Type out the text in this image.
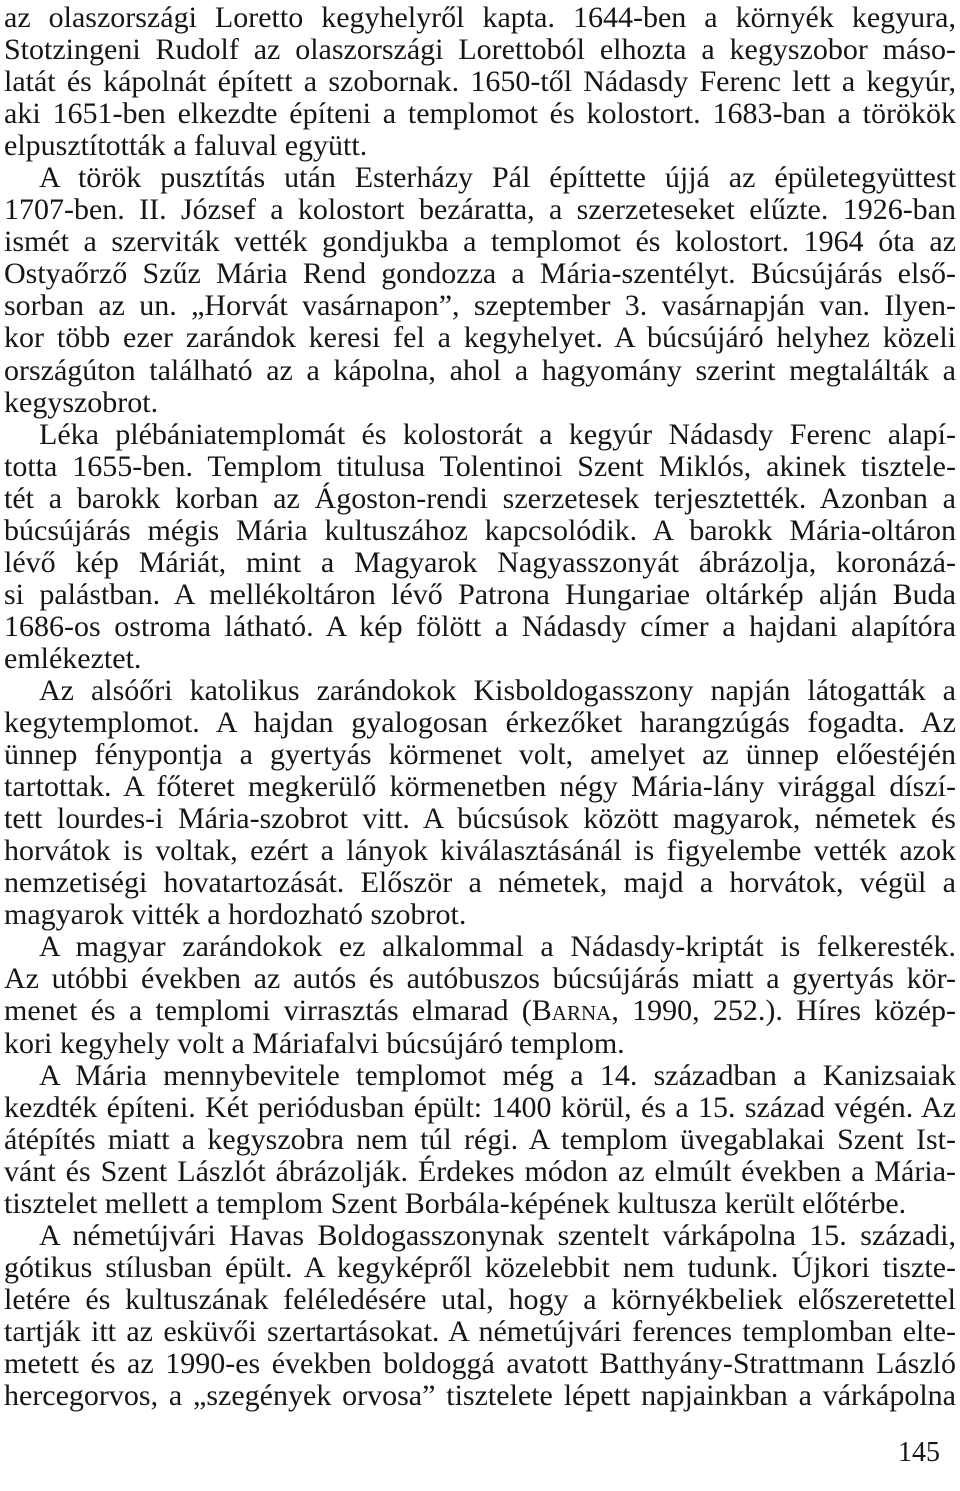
az olaszországi Loretto kegyhelyről kapta. 1644-ben a környék kegyura,
Stotzingeni Rudolf az olaszországi Lorettoból elhozta a kegyszobor máso-
latát és kápolnát épített a szobornak. 1650-től Nádasdy Ferenc lett a kegyúr,
aki 1651-ben elkezdte építeni a templomot és kolostort. 1683-ban a törökök
elpusztították a faluval együtt.
A török pusztítás után Esterházy Pál építtette újjá az épületegyüttest
1707-ben. II. József a kolostort bezáratta, a szerzeteseket elűzte. 1926-ban
ismét a szerviták vették gondjukba a templomot és kolostort. 1964 óta az
Ostyaőrző Szűz Mária Rend gondozza a Mária-szentélyt. Búcsújárás első-
sorban az un. „Horvát vasárnapon”, szeptember 3. vasárnapján van. Ilyen-
kor több ezer zarándok keresi fel a kegyhelyet. A búcsújáró helyhez közeli
országúton található az a kápolna, ahol a hagyomány szerint megtalálták a
kegyszobrot.
Léka plébániatemplomát és kolostorát a kegyúr Nádasdy Ferenc alapí-
totta 1655-ben. Templom titulusa Tolentinoi Szent Miklós, akinek tisztele-
tét a barokk korban az Ágoston-rendi szerzetesek terjesztették. Azonban a
búcsújárás mégis Mária kultuszához kapcsolódik. A barokk Mária-oltáron
lévő kép Máriát, mint a Magyarok Nagyasszonyát ábrázolja, koronázá-
si palástban. A mellékoltáron lévő Patrona Hungariae oltárkép alján Buda
1686-os ostroma látható. A kép fölött a Nádasdy címer a hajdani alapítóra
emlékeztet.
Az alsóőri katolikus zarándokok Kisboldogasszony napján látogatták a
kegytemplomot. A hajdan gyalogosan érkezőket harangzúgás fogadta. Az
ünnep fénypontja a gyertyás körmenet volt, amelyet az ünnep előestéjén
tartottak. A főteret megkerülő körmenetben négy Mária-lány virággal díszí-
tett lourdes-i Mária-szobrot vitt. A búcsúsok között magyarok, németek és
horvátok is voltak, ezért a lányok kiválasztásánál is figyelembe vették azok
nemzetiségi hovatartozását. Először a németek, majd a horvátok, végül a
magyarok vitték a hordozható szobrot.
A magyar zarándokok ez alkalommal a Nádasdy-kriptát is felkeresték.
Az utóbbi években az autós és autóbuszos búcsújárás miatt a gyertyás kör-
menet és a templomi virrasztás elmarad (Barna, 1990, 252.). Híres közép-
kori kegyhely volt a Máriafalvi búcsújáró templom.
A Mária mennybevitele templomot még a 14. században a Kanizsaiak
kezdték építeni. Két periódusban épült: 1400 körül, és a 15. század végén. Az
átépítés miatt a kegyszobra nem túl régi. A templom üvegablakai Szent Ist-
vánt és Szent Lászlót ábrázolják. Érdekes módon az elmúlt években a Mária-
tisztelet mellett a templom Szent Borbála-képének kultusza került előtérbe.
A németújvári Havas Boldogasszonynak szentelt várkápolna 15. századi,
gótikus stílusban épült. A kegyképről közelebbit nem tudunk. Újkori tiszte-
letére és kultuszának feléledésére utal, hogy a környékbeliek előszeretettel
tartják itt az esküvői szertartásokat. A németújvári ferences templomban elte-
metett és az 1990-es években boldoggá avatott Batthyány-Strattmann László
hercegorvos, a „szegények orvosa” tisztelete lépett napjainkban a várkápolna
145
